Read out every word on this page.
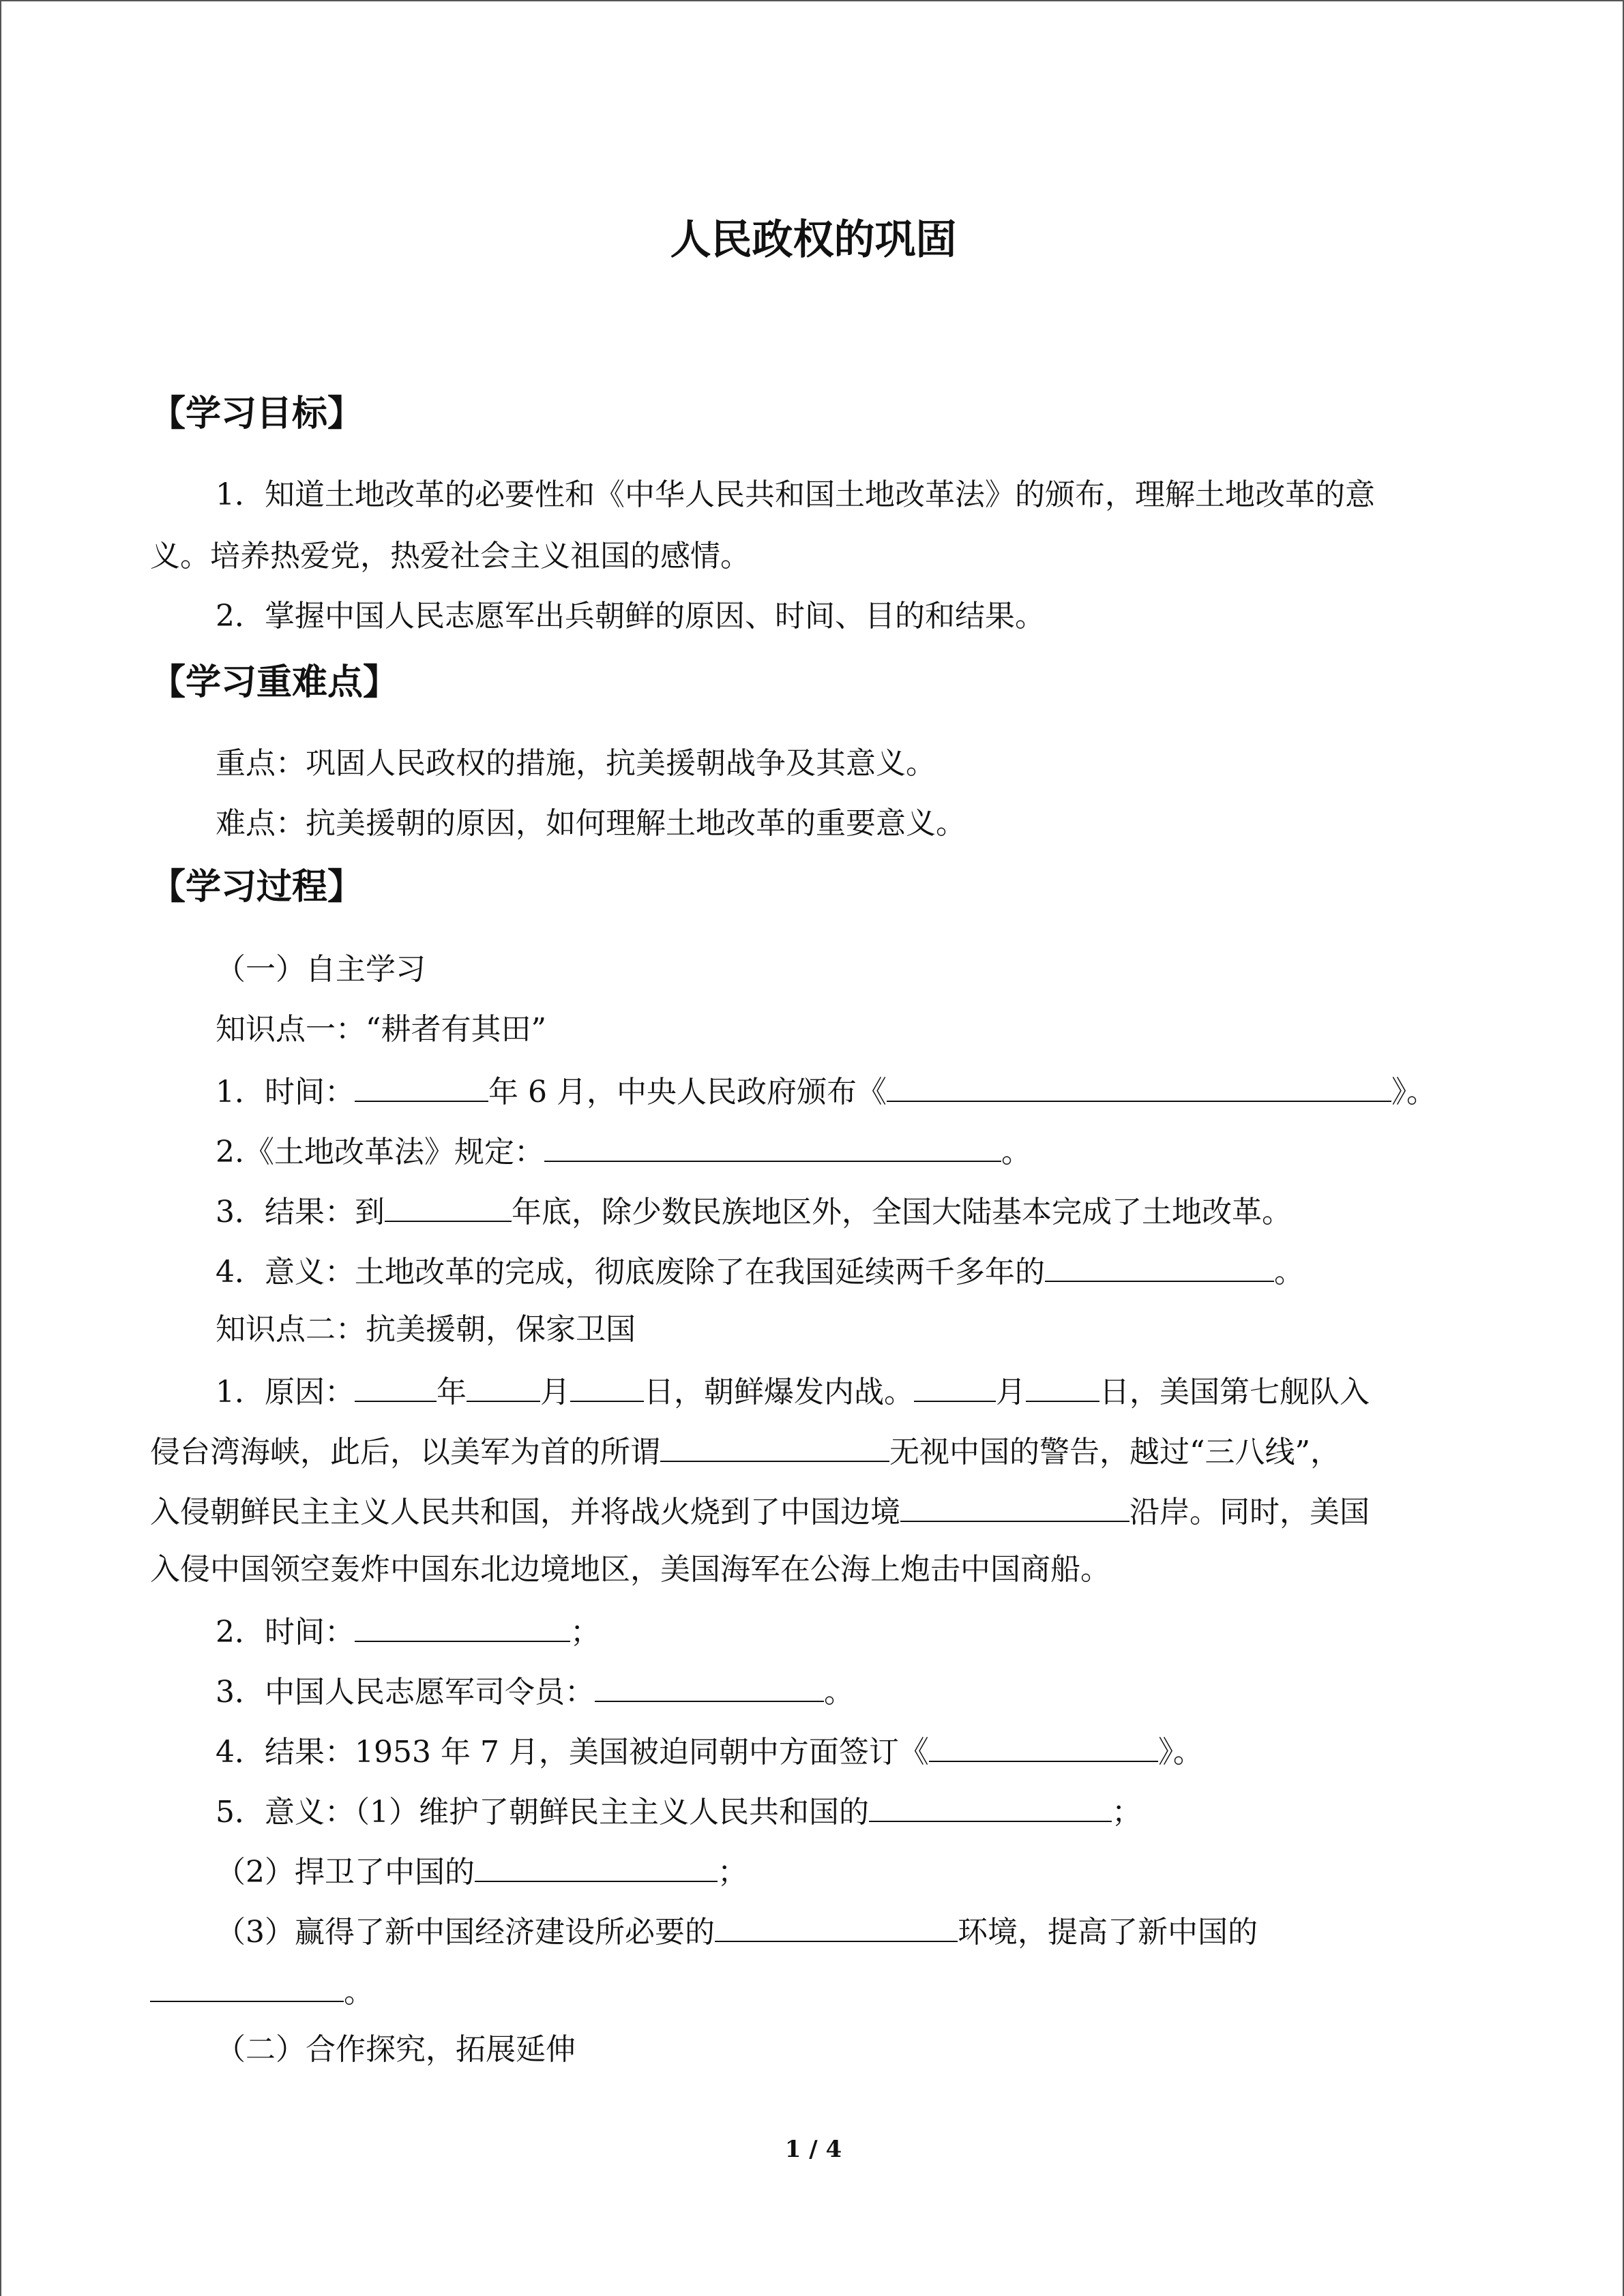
人民政权的巩固
【学习目标】
1．知道土地改革的必要性和《中华人民共和国土地改革法》的颁布，理解土地改革的意
义。培养热爱党，热爱社会主义祖国的感情。
2．掌握中国人民志愿军出兵朝鲜的原因、时间、目的和结果。
【学习重难点】
重点：巩固人民政权的措施，抗美援朝战争及其意义。
难点：抗美援朝的原因，如何理解土地改革的重要意义。
【学习过程】
（一）自主学习
知识点一：“耕者有其田”
1．时间：	年 6 月，中央人民政府颁布《	》。
2.《土地改革法》规定：	。
3．结果：到	年底，除少数民族地区外，全国大陆基本完成了土地改革。
4．意义：土地改革的完成，彻底废除了在我国延续两千多年的	。
知识点二：抗美援朝，保家卫国
1．原因：	年 月 日，朝鲜爆发内战。	月 日，美国第七舰队入
侵台湾海峡，此后，以美军为首的所谓	无视中国的警告，越过“三八线”，
入侵朝鲜民主主义人民共和国，并将战火烧到了中国边境	沿岸。同时，美国
入侵中国领空轰炸中国东北边境地区，美国海军在公海上炮击中国商船。
2．时间：	；
3．中国人民志愿军司令员：	。
4．结果：1953 年 7 月，美国被迫同朝中方面签订《	》。
5．意义：（1）维护了朝鲜民主主义人民共和国的	；
（2）捍卫了中国的	；
（3）赢得了新中国经济建设所必要的	环境，提高了新中国的
。
（二）合作探究，拓展延伸
1 / 4
